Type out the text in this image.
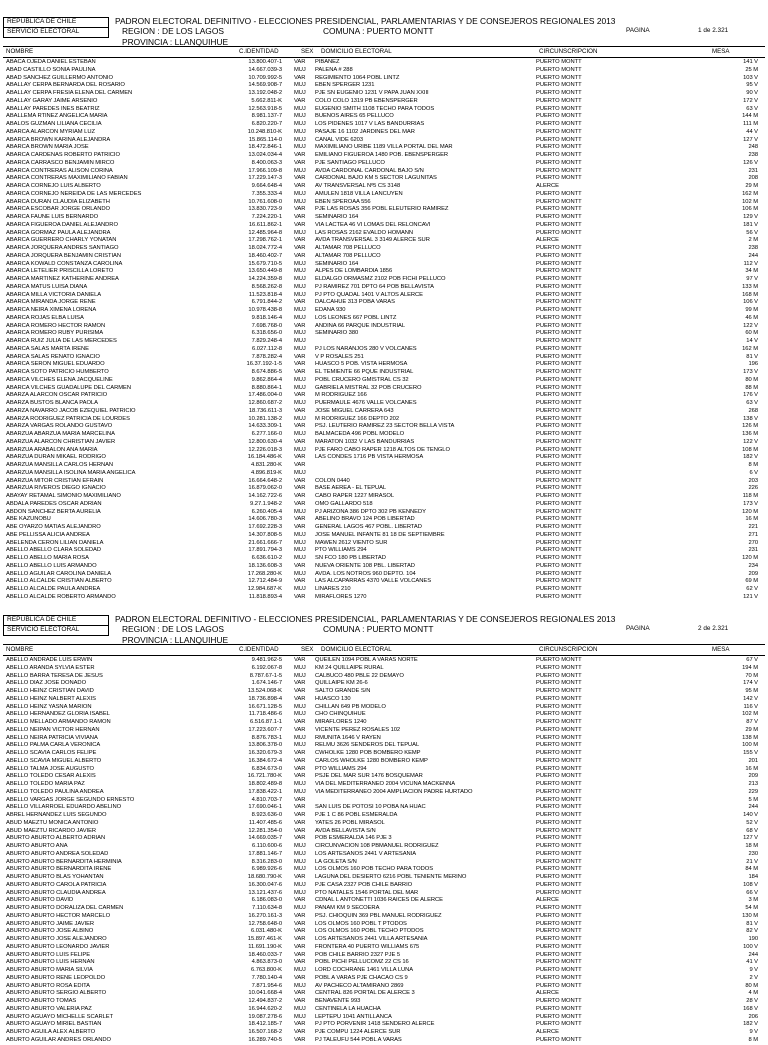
REPUBLICA DE CHILE
SERVICIO ELECTORAL
PADRON ELECTORAL DEFINITIVO - ELECCIONES PRESIDENCIAL, PARLAMENTARIAS Y DE CONSEJEROS REGIONALES 2013
REGION : DE LOS LAGOS
PROVINCIA : LLANQUIHUE
COMUNA : PUERTO MONTT	PAGINA	1 de 2.321
NOMBRE	C.IDENTIDAD	SEX DOMICILIO ELECTORAL	CIRCUNSCRIPCION	MESA
ABACA OJEDA DANIEL ESTEBAN	13.800.407-1 VAR	PIBAÑEZ	PUERTO MONTT	141 V
ABAD CASTILLO SONIA PAULINA	14.667.039-3 MUJ	PALENA # 288	PUERTO MONTT	25 M
ABAD SANCHEZ GUILLERMO ANTONIO	10.709.992-5 VAR	REGIMIENTO 1064 POBL LINTZ	PUERTO MONTT	103 V
ABALLAY CERPA BERNARDA DEL ROSARIO	14.569.908-7 MUJ	EBEN SPERGER 1231	PUERTO MONTT	95 V
ABALLAY CERPA FRESIA ELENA DEL CARMEN	13.192.048-2 MUJ	PJE SN EUGENIO 1231 V PAPA JUAN XXIII	PUERTO MONTT	90 V
ABALLAY GARAY JAIME ARSENIO	5.662.811-K VAR	COLO COLO 1319 PB EBENSPERGER	PUERTO MONTT	172 V
ABALLAY PAREDES INES BEATRIZ	12.563.918-5 MUJ	EUGENIO SMITH 1108 TECHO PARA TODOS	PUERTO MONTT	63 V
ABALLEMA RTINEZ ANGELICA MARIA	8.981.137-7 MUJ	BUENOS AIRES 65 PELLUCO	PUERTO MONTT	144 M
ABALOS GUZMAN LILIANA CECILIA	6.820.220-7 MUJ	LOS PIDENES 1017 V LAS BANDURRIAS	PUERTO MONTT	111 M
ABARCA ALARCON MYRIAM LUZ	10.248.810-K MUJ	PASAJE 16 1102 JARDINES DEL MAR	PUERTO MONTT	44 V
ABARCA BROWN KARINA ALEJANDRA	15.865.114-0 MUJ	CANAL VIDE 6203	PUERTO MONTT	127 V
ABARCA BROWN MARIA JOSE	18.472.846-1 MUJ	MAXIMILIANO URIBE 1189 VILLA PORTAL DEL MAR	PUERTO MONTT	248
ABARCA CARDENAS ROBERTO PATRICIO	13.024.034-4 VAR	EMILIANO FIGUEROA 1480 POB. EBENSPERGER	PUERTO MONTT	238
ABARCA CARRASCO BENJAMIN MIRCO	8.400.063-3 VAR	PJE SANTIAGO PELLUCO	PUERTO MONTT	126 V
ABARCA CONTRERAS ALISON CORINA	17.966.109-8 MUJ	AVDA CARDONAL CARDONAL BAJO S/N	PUERTO MONTT	231
ABARCA CONTRERAS MAXIMILIANO FABIAN	17.229.147-3 VAR	CARDONAL BAJO KM 5 SECTOR LAGUNITAS	PUERTO MONTT	208
ABARCA CORNEJO LUIS ALBERTO	9.664.648-4 VAR	AV TRANSVERSAL Nº5 CS 3148	ALERCE	29 M
ABARCA CORNEJO NEREIDA DE LAS MERCEDES	7.355.333-4 MUJ	AMULEN 1818 VILLA LANCUYEN	PUERTO MONTT	162 M
ABARCA DURAN CLAUDIA ELIZABETH	10.761.608-0 MUJ	EBEN SPEROAA 556	PUERTO MONTT	102 M
ABARCA ESCOBAR JORGE ORLANDO	13.830.723-9 VAR	PJE LAS ROSAS 356 POBL ELEUTERIO RAMIREZ	PUERTO MONTT	106 M
ABARCA FAUNE LUIS BERNARDO	7.224.220-1 VAR	SEMINARIO 164	PUERTO MONTT	129 V
ABARCA FIGUEROA DANIEL ALEJANDRO	16.611.862-1 VAR	VIA LACTEA 46 VI LOMAS DEL RELONCAVI	PUERTO MONTT	181 V
ABARCA GORMAZ PAULA ALEJANDRA	12.485.964-8 MUJ	LAS ROSAS 2162 EVALDO HOMANN	PUERTO MONTT	56 V
ABARCA GUERRERO CHARLY YONATAN	17.298.762-1 VAR	AVDA TRANSVERSAL 3 3149 ALERCE SUR	ALERCE	2 M
ABARCA JORQUERA ANDRES SANTIAGO	18.024.772-4 VAR	ALTAMAR 708 PELLUCO	PUERTO MONTT	238
ABARCA JORQUERA BENJAMIN CRISTIAN	18.460.402-7 VAR	ALTAMAR 708 PELLUCO	PUERTO MONTT	244
ABARCA KOWALD CONSTANZA CAROLINA	15.679.710-5 MUJ	SEMINARIO 164	PUERTO MONTT	112 V
ABARCA LETELIER PRISCILLA LORETO	13.650.449-8 MUJ	ALPES DE LOMBARDIA 1856	PUERTO MONTT	34 M
ABARCA MARTINEZ KATHERINE ANDREA	14.224.359-8 MUJ	ELDALGO ORMASMZ 2102 POB FICHI PELLUCO	PUERTO MONTT	97 V
ABARCA MATUS LUISA DIANA	8.568.262-8 MUJ	PJ RAMIREZ 701 DPTO 64 POB BELLAVISTA	PUERTO MONTT	133 M
ABARCA MILLA VICTORIA DANIELA	11.523.818-4 MUJ	PJ PTO QUADAL 1401 V ALTOS ALERCE	PUERTO MONTT	168 M
ABARCA MIRANDA JORGE RENE	6.791.844-2 VAR	DALCAHUE 313 POBA VARAS	PUERTO MONTT	106 V
ABARCA NEIRA XIMENA LORENA	10.978.438-8 MUJ	EDAÑA 930	PUERTO MONTT	99 M
ABARCA ROJAS ELBA LUISA	9.818.146-4 MUJ	LOS LEONES 667 POBL LINTZ	PUERTO MONTT	46 M
ABARCA ROMERO HECTOR RAMON	7.698.768-0 VAR	ANDINA 66 PARQUE INDUSTRIAL	PUERTO MONTT	122 V
ABARCA ROMERO RUBY PURISIMA	6.318.656-0 MUJ	SEMINARIO 380	PUERTO MONTT	60 M
ABARCA RUIZ JULIA DE LAS MERCEDES	7.829.248-4 MUJ	PUERTO MONTT	14 V
ABARCA SALAS MARTA IRENE	6.027.112-8 MUJ	PJ LOS NARANJOS 280 V VOLCANES	PUERTO MONTT	162 M
ABARCA SALAS RENATO IGNACIO	7.878.282-4 VAR	V P ROSALES 251	PUERTO MONTT	81 V
ABARCA SERON MIGUEL EDUARDO	16.37.192-1-5 VAR	HUASCO 5 POB. VISTA HERMOSA	PUERTO MONTT	196
ABARCA SOTO PATRICIO HUMBERTO	8.674.886-5 VAR	EL TEMIENTE 66 PQUE INDUSTRIAL	PUERTO MONTT	173 V
ABARCA VILCHES ELENA JACQUELINE	9.862.864-4 MUJ	POBL CRUCERO GMISTRAL CS 32	PUERTO MONTT	80 M
ABARCA VILCHES GUADALUPE DEL CARMEN	8.880.864-1 MUJ	GABRIELA MISTRAL 32 POB CRUCERO	PUERTO MONTT	88 M
ABARZA ALARCON OSCAR PATRICIO	17.486.004-0 VAR	M RODRIGUEZ 166	PUERTO MONTT	176 V
ABARZA BUSTOS BLANCA PAOLA	12.860.687-2 MUJ	PUERMAULE 4676 VALLE VOLCANES	PUERTO MONTT	63 V
ABARZA NAVARRO JACOB EZEQUIEL PATRICIO	18.736.611-3 VAR	JOSE MIGUEL CARRERA 643	PUERTO MONTT	268
ABARZA RODRIGUEZ PATRICIA DE LOURDES	10.281.138-2 MUJ	M RODRIGUEZ 166 DEPTO 202	PUERTO MONTT	138 V
ABARZA VARGAS ROLANDO GUSTAVO	14.633.309-1 VAR	PSJ. LEUTERIO RAMIREZ 23 SECTOR BELLA VISTA	PUERTO MONTT	126 M
ABARZUA ABARZUA MARIA MARCELINA	6.277.166-0 MUJ	BALMACEDA 496 POBL MODELO	PUERTO MONTT	136 M
ABARZUA ALARCON CHRISTIAN JAVIER	12.800.630-4 VAR	MARATON 1032 V LAS BANDURRIAS	PUERTO MONTT	122 V
ABARZUA ARABALON ANA MARIA	12.226.018-3 MUJ	PJE FARO CABO RAPER 1218 ALTOS DE TENGLO	PUERTO MONTT	108 M
ABARZUA DURAN MIKAEL RODRIGO	16.184.486-K VAR	LAS CONDES 1716 PB VISTA HERMOSA	PUERTO MONTT	182 V
ABARZUA MANSILLA CARLOS HERNAN	4.831.280-K VAR	PUERTO MONTT	8 M
ABARZUA MANSILLA ISOLINA MARIA ANGELICA	4.896.819-K MUJ	PUERTO MONTT	6 V
ABARZUA MITOR CRISTIAN EFRAIN	16.664.648-2 VAR	COLON 0440	PUERTO MONTT	203
ABARZUA RIVEROS DIEGO IGNACIO	16.879.062-0 VAR	BASE AEREA - EL TEPUAL	PUERTO MONTT	226
ABAYAY RETAMAL SIMONIO MAXIMILIANO	14.162.722-6 VAR	CABO RAPER 1227 MIRASOL	PUERTO MONTT	118 M
ABDALA PAREDES OSCAR ADRIAN	9.27.1.948-2 VAR	OMO GALLARDO 518	PUERTO MONTT	173 V
ABDON SANCHEZ BERTA AURELIA	6.260.405-4 MUJ	PJ ARIZONA 386 DPTO 302 PB KENNEDY	PUERTO MONTT	120 M
ABE KAZUNOBU	14.606.780-3 VAR	ABELINO BRAVO 124 POB LIBERTAD	PUERTO MONTT	16 M
ABE OYARZO MATIAS ALEJANDRO	17.692.228-3 VAR	GENERAL LAGOS 467 POBL. LIBERTAD	PUERTO MONTT	221
ABE PELLISSA ALICIA ANDREA	14.307.808-5 MUJ	JOSE MANUEL INFANTE 81 18 DE SEPTIEMBRE	PUERTO MONTT	271
ABELENDA CERON LILIAN DANIELA	21.661.666-7 MUJ	MAWEN 2612 VIENTO SUR	PUERTO MONTT	270
ABELLO ABELLO CLARA SOLEDAD	17.891.794-3 MUJ	PTO WILLIAMS 294	PUERTO MONTT	231
ABELLO ABELLO MARIA ROSA	6.636.610-2 MUJ	SN FCO 180 PB LIBERTAD	PUERTO MONTT	120 M
ABELLO ABELLO LUIS ARMANDO	18.136.608-3 VAR	NUEVA ORIENTE 108 PBL. LIBERTAD	PUERTO MONTT	234
ABELLO AGUILAR CAROLINA DANIELA	17.268.280-K MUJ	AVDA. LOS NOTROS 960 DEPTO. 104	PUERTO MONTT	209
ABELLO ALCALDE CRISTIAN ALBERTO	12.712.484-9 VAR	LAS ALCAPARRAS 4370 VALLE VOLCANES	PUERTO MONTT	69 M
ABELLO ALCALDE PAULA ANDREA	12.984.687-K MUJ	LINARES 210	PUERTO MONTT	62 V
ABELLO ALCALDE ROBERTO ARMANDO	11.818.893-4 VAR	MIRAFLORES 1270	PUERTO MONTT	121 V
REPUBLICA DE CHILE
SERVICIO ELECTORAL
PADRON ELECTORAL DEFINITIVO - ELECCIONES PRESIDENCIAL, PARLAMENTARIAS Y DE CONSEJEROS REGIONALES 2013
REGION : DE LOS LAGOS
PROVINCIA : LLANQUIHUE
COMUNA : PUERTO MONTT	PAGINA	2 de 2.321
NOMBRE	C.IDENTIDAD	SEX DOMICILIO ELECTORAL	CIRCUNSCRIPCION	MESA
ABELLO ANDRADE LUIS ERWIN	9.481.962-5 VAR	QUEILEN 1094 POBL A VARAS NORTE	PUERTO MONTT	67 V
ABELLO ARANDA SYLVIA ESTER	6.192.067-8 MUJ	KM 24 QUILLAIPE RURAL	PUERTO MONTT	194 M
ABELLO BARRA TERESA DE JESUS	8.787.67-1-5 MUJ	CALBUCO 480 PBLE 22 DEMAYO	PUERTO MONTT	70 M
ABELLO DIAZ JOSE DONADO	1.674.146-7 VAR	QUILLAIPE KM 26-6	PUERTO MONTT	174 V
ABELLO HEINZ CRISTIAN DAVID	13.524.068-K VAR	SALTO GRANDE S/N	PUERTO MONTT	95 M
ABELLO HEINZ NALBERT ALEXIS	18.736.898-4 VAR	HUASCO 130	PUERTO MONTT	142 V
ABELLO HEINZ YASNA MARION	16.671.128-5 MUJ	CHILLAN 649 PB MODELO	PUERTO MONTT	116 V
ABELLO HERNANDEZ GLORIA ISABEL	11.718.486-6 MUJ	CHO CHINQUIHUE	PUERTO MONTT	102 M
ABELLO MELLADO ARMANDO RAMON	6.516.87.1-1 VAR	MIRAFLORES 1240	PUERTO MONTT	87 V
ABELLO NEIPAN VICTOR HERNAN	17.223.607-7 VAR	VICENTE PEREZ ROSALES 102	PUERTO MONTT	29 M
ABELLO NEIRA PATRICIA VIVIANA	8.876.783-1 MUJ	RMUNITA 1646 V RAYEN	PUERTO MONTT	138 M
ABELLO PALMA CARLA VERONICA	13.806.378-0 MUJ	RELMU 3626 SENDEROS DEL TEPUAL	PUERTO MONTT	100 M
ABELLO SCAVIA CARLOS FELIPE	16.320.679-3 VAR	CWHOLKE 1280 POB BOMBERO KEMP	PUERTO MONTT	155 V
ABELLO SCAVIA MIGUEL ALBERTO	16.384.672-4 VAR	CARLOS WHOLKE 1280 BOMBERO KEMP	PUERTO MONTT	201
ABELLO TALMA JOSE AUGUSTO	6.834.673-0 VAR	PTO WILLIAMS 294	PUERTO MONTT	16 M
ABELLO TOLEDO CESAR ALEXIS	16.721.780-K VAR	PSJE DEL MAR SUR 1476 BOSQUEMAR	PUERTO MONTT	209
ABELLO TOLEDO MARIA PAZ	18.802.489-8 MUJ	VIA DEL MEDITERRANEO 2004 VICUÑA MACKENNA	PUERTO MONTT	213
ABELLO TOLEDO PAULINA ANDREA	17.838.422-1 MUJ	VIA MEDITERRANEO 2004 AMPLIACION PADRE HURTADO	PUERTO MONTT	229
ABELLO VARGAS JORGE SEGUNDO ERNESTO	4.810.703-7 VAR	PUERTO MONTT	5 M
ABELLO VILLARROEL EDUARDO ABELINO	17.690.046-1 VAR	SAN LUIS DE POTOSI 10 POBA NA HUAC	PUERTO MONTT	244
ABREL HERNANDEZ LUIS SEGUNDO	8.923.636-0 VAR	PJE 1 C 86 POBL ESMERALDA	PUERTO MONTT	140 V
ABUD MAEZTU MONICA ANTONIO	11.407.485-6 VAR	YATES 26 POBL MIRASOL	PUERTO MONTT	52 V
ABUD MAEZTU RICARDO JAVIER	12.281.354-0 VAR	AVDA BELLAVISTA S/N	PUERTO MONTT	68 V
ABURTO ABURTO ALBERTO ADRIAN	14.669.035-7 VAR	POB ESMERALDA 146 PJE 3	PUERTO MONTT	127 V
ABURTO ABURTO ANA	6.110.600-6 MUJ	CIRCUNVACION 108 PBMANUEL RODRIGUEZ	PUERTO MONTT	18 M
ABURTO ABURTO ANDREA SOLEDAD	17.881.146-7 MUJ	LOS ARTESANOS 2441 V ARTESANIA	PUERTO MONTT	230
ABURTO ABURTO BERNARDITA HERMINIA	8.316.283-0 MUJ	LA GOLETA S/N	PUERTO MONTT	21 V
ABURTO ABURTO BERNARDITA IRENE	6.989.926-6 MUJ	LOS OLMOS 160 POB TECHO PARA TODOS	PUERTO MONTT	84 M
ABURTO ABURTO BLAS YOHANTAN	18.680.790-K VAR	LAGUNA DEL DESIERTO 6216 POBL TENIENTE MERINO	PUERTO MONTT	184
ABURTO ABURTO CAROLA PATRICIA	16.300.047-6 MUJ	PJE CASA 2327 POB CHILE BARRIO	PUERTO MONTT	108 V
ABURTO ABURTO CLAUDIA ANDREA	13.121.437-6 MUJ	PTO NATALES 1546 PORTAL DEL MAR	PUERTO MONTT	66 V
ABURTO ABURTO DAVID	6.186.083-0 VAR	CDNAL L ANTONETTI 1036 RAICES DE ALERCE	ALERCE	3 M
ABURTO ABURTO DORALIZA DEL CARMEN	7.110.634-8 MUJ	PANAM KM 9 SECOERA	PUERTO MONTT	54 M
ABURTO ABURTO HECTOR MARCELO	16.270.161-3 VAR	PSJ. CHIOQUIN 369 PBL MANUEL RODRIGUEZ	PUERTO MONTT	130 M
ABURTO ABURTO JAIME JAVIER	12.758.648-0 VAR	LOS OLMOS 160 POBL T PTODOS	PUERTO MONTT	81 V
ABURTO ABURTO JOSE ALBINO	6.031.480-K VAR	LOS OLMOS 160 POBL TECHO PTODOS	PUERTO MONTT	82 V
ABURTO ABURTO JOSE ALEJANDRO	15.897.461-K VAR	LOS ARTESANOS 2441 VILLA ARTESANIA	PUERTO MONTT	190
ABURTO ABURTO LEONARDO JAVIER	11.691.190-K VAR	FRONTERA 40 PUERTO WILLIAMS 675	PUERTO MONTT	100 V
ABURTO ABURTO LUIS FELIPE	18.460.033-7 VAR	POB CHILE BARRIO 2327 PJE 5	PUERTO MONTT	244
ABURTO ABURTO LUIS HERNAN	4.863.873-0 VAR	POBL PICHI PELLUCOMZ 22 CS 16	PUERTO MONTT	41 V
ABURTO ABURTO MARIA SILVIA	6.763.800-K MUJ	LORD COCHRANE 1461 VILLA LUNA	PUERTO MONTT	9 V
ABURTO ABURTO RENE LEOPOLDO	7.780.140-4 VAR	POBL A VARAS PJE CHACAO CS 9	PUERTO MONTT	2 V
ABURTO ABURTO ROSA EDITA	7.871.954-6 MUJ	AV PACHECO ALTAMIRANO 2869	PUERTO MONTT	80 M
ABURTO ABURTO SERGIO ALBERTO	10.041.668-4 VAR	CENTRAL 826 PORTAL DE ALERCE 3	ALERCE	4 M
ABURTO ABURTO TOMAS	12.494.837-2 VAR	BENAVENTE 993	PUERTO MONTT	28 V
ABURTO ABURTO VALERIA PAZ	16.944.620-2 MUJ	CENTINELA LA HUACHA	PUERTO MONTT	168 V
ABURTO AGUAYO MICHELLE SCARLET	19.087.278-6 MUJ	LEPTEPU 1041 ANTILLANCA	PUERTO MONTT	206
ABURTO AGUAYO MIRIEL BASTIAN	18.412.185-7 VAR	PJ PTO PORVENIR 1418 SENDERO ALERCE	PUERTO MONTT	182 V
ABURTO AGUILA ALEX ALBERTO	16.507.168-2 VAR	PJE COMPU 1224 ALERCE SUR	ALERCE	9 V
ABURTO AGUILAR ANDRES ORLANDO	16.289.740-5 VAR	PJ TALEUFU 544 POBL A VARAS	PUERTO MONTT	8 M
